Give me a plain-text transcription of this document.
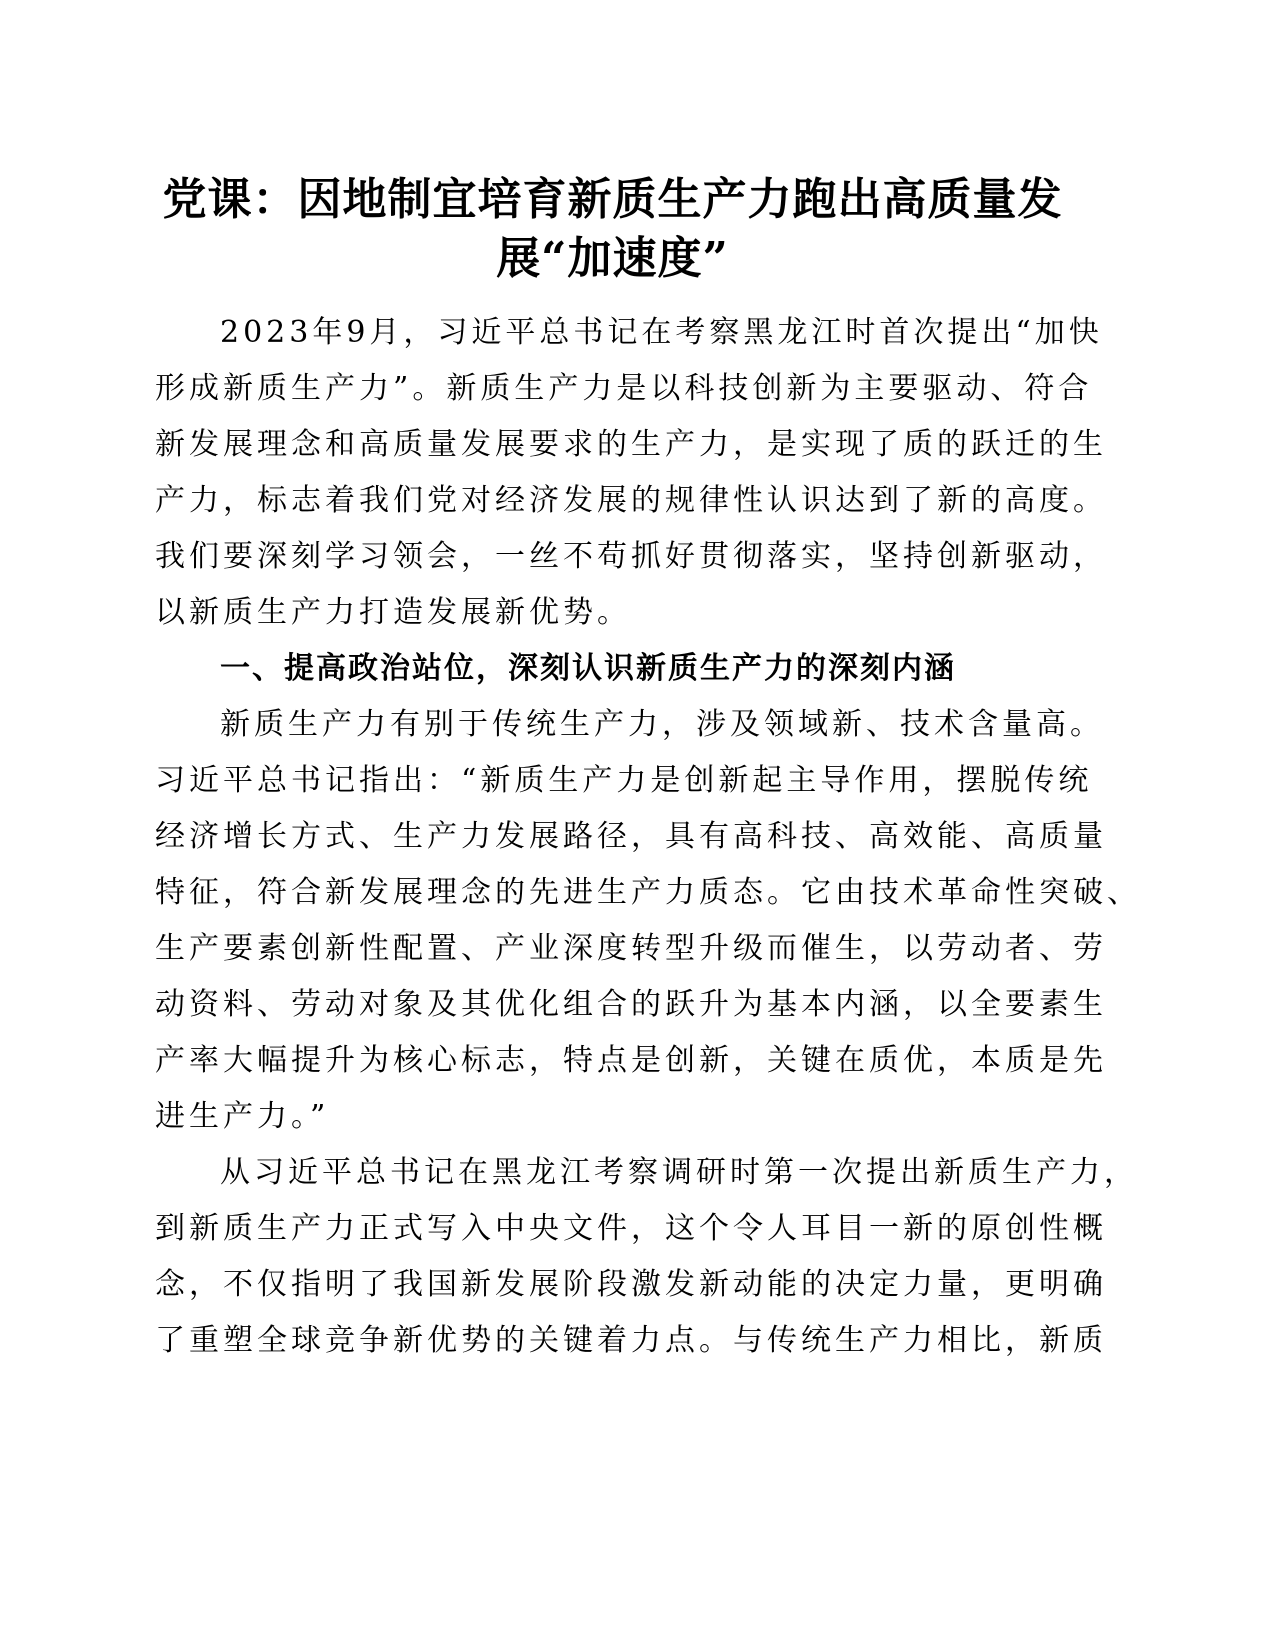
党课：因地制宜培育新质生产力跑出高质量发
展“加速度”
2023年9月，习近平总书记在考察黑龙江时首次提出“加快
形成新质生产力”。新质生产力是以科技创新为主要驱动、符合
新发展理念和高质量发展要求的生产力，是实现了质的跃迁的生
产力，标志着我们党对经济发展的规律性认识达到了新的高度。
我们要深刻学习领会，一丝不苟抓好贯彻落实，坚持创新驱动，
以新质生产力打造发展新优势。
一、提高政治站位，深刻认识新质生产力的深刻内涵
新质生产力有别于传统生产力，涉及领域新、技术含量高。
习近平总书记指出：“新质生产力是创新起主导作用，摆脱传统
经济增长方式、生产力发展路径，具有高科技、高效能、高质量
特征，符合新发展理念的先进生产力质态。它由技术革命性突破、
生产要素创新性配置、产业深度转型升级而催生，以劳动者、劳
动资料、劳动对象及其优化组合的跃升为基本内涵，以全要素生
产率大幅提升为核心标志，特点是创新，关键在质优，本质是先
进生产力。”
从习近平总书记在黑龙江考察调研时第一次提出新质生产力，
到新质生产力正式写入中央文件，这个令人耳目一新的原创性概
念，不仅指明了我国新发展阶段激发新动能的决定力量，更明确
了重塑全球竞争新优势的关键着力点。与传统生产力相比，新质
